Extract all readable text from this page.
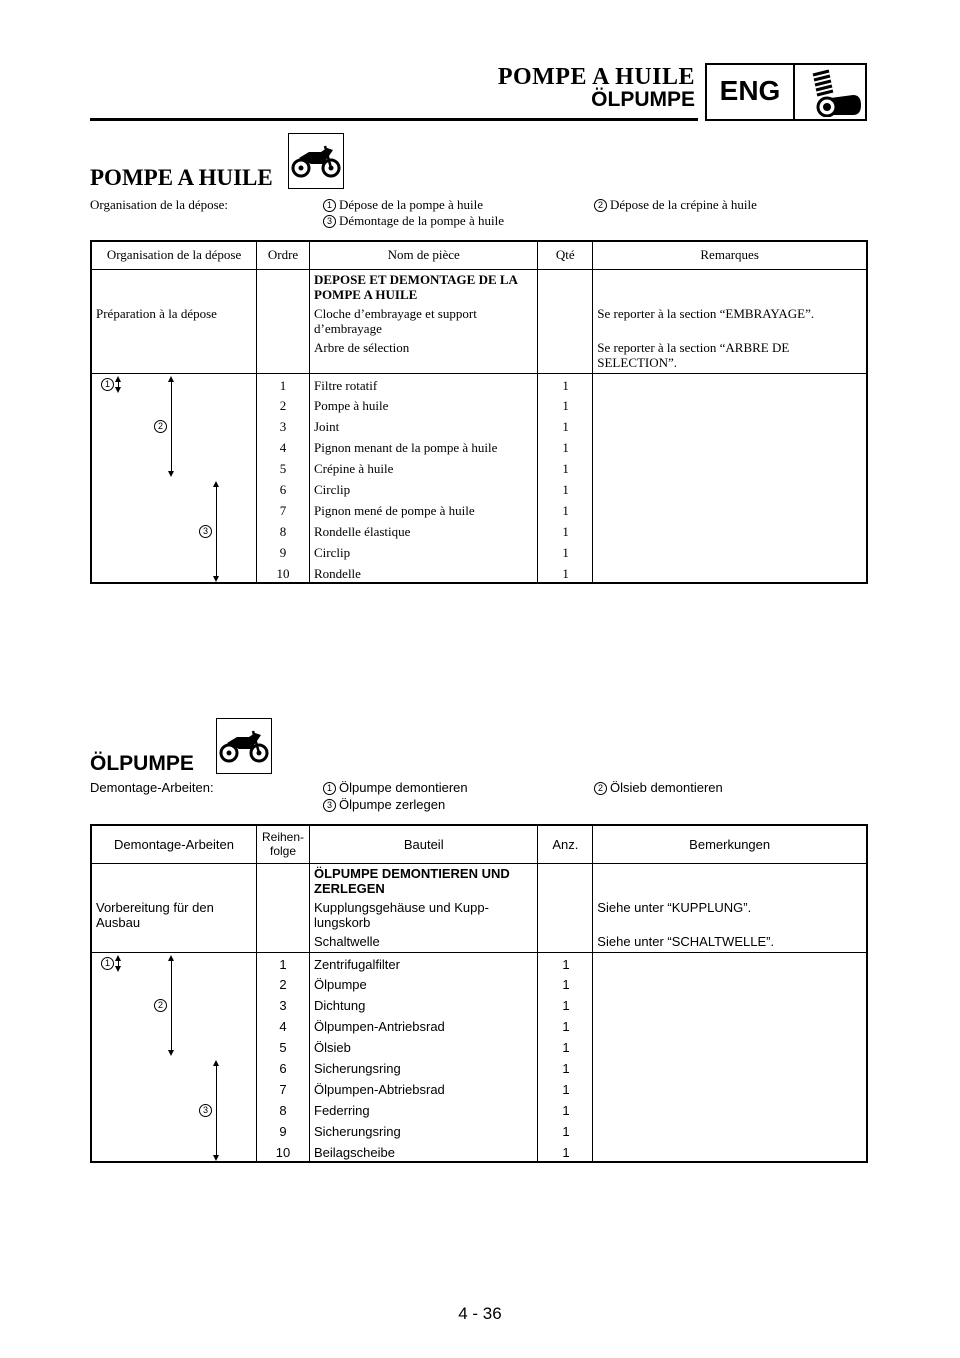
POMPE A HUILE
ÖLPUMPE ENG
POMPE A HUILE
Organisation de la dépose:	1 Dépose de la pompe à huile	2 Dépose de la crépine à huile
3 Démontage de la pompe à huile
Organisation de la dépose	Ordre	Nom de pièce	Qté	Remarques
		DEPOSE ET DEMONTAGE DE LA POMPE A HUILE		
Préparation à la dépose		Cloche d’embrayage et support d’embrayage		Se reporter à la section “EMBRAYAGE”.
		Arbre de sélection		Se reporter à la section “ARBRE DE SELECTION”.

1
2
3	1	Filtre rotatif	1	
	2	Pompe à huile	1	
	3	Joint	1	
	4	Pignon menant de la pompe à huile	1	
	5	Crépine à huile	1	
	6	Circlip	1	
	7	Pignon mené de pompe à huile	1	
	8	Rondelle élastique	1	
	9	Circlip	1	
	10	Rondelle	1	
ÖLPUMPE
Demontage-Arbeiten:	1 Ölpumpe demontieren	2 Ölsieb demontieren
3 Ölpumpe zerlegen
Demontage-Arbeiten	Reihen-folge	Bauteil	Anz.	Bemerkungen
		ÖLPUMPE DEMONTIEREN UND ZERLEGEN		
Vorbereitung für den Ausbau		Kupplungsgehäuse und Kupp-lungskorb		Siehe unter “KUPPLUNG”.
		Schaltwelle		Siehe unter “SCHALTWELLE”.

1
2
3	1	Zentrifugalfilter	1	
	2	Ölpumpe	1	
	3	Dichtung	1	
	4	Ölpumpen-Antriebsrad	1	
	5	Ölsieb	1	
	6	Sicherungsring	1	
	7	Ölpumpen-Abtriebsrad	1	
	8	Federring	1	
	9	Sicherungsring	1	
	10	Beilagscheibe	1	
4 - 36
